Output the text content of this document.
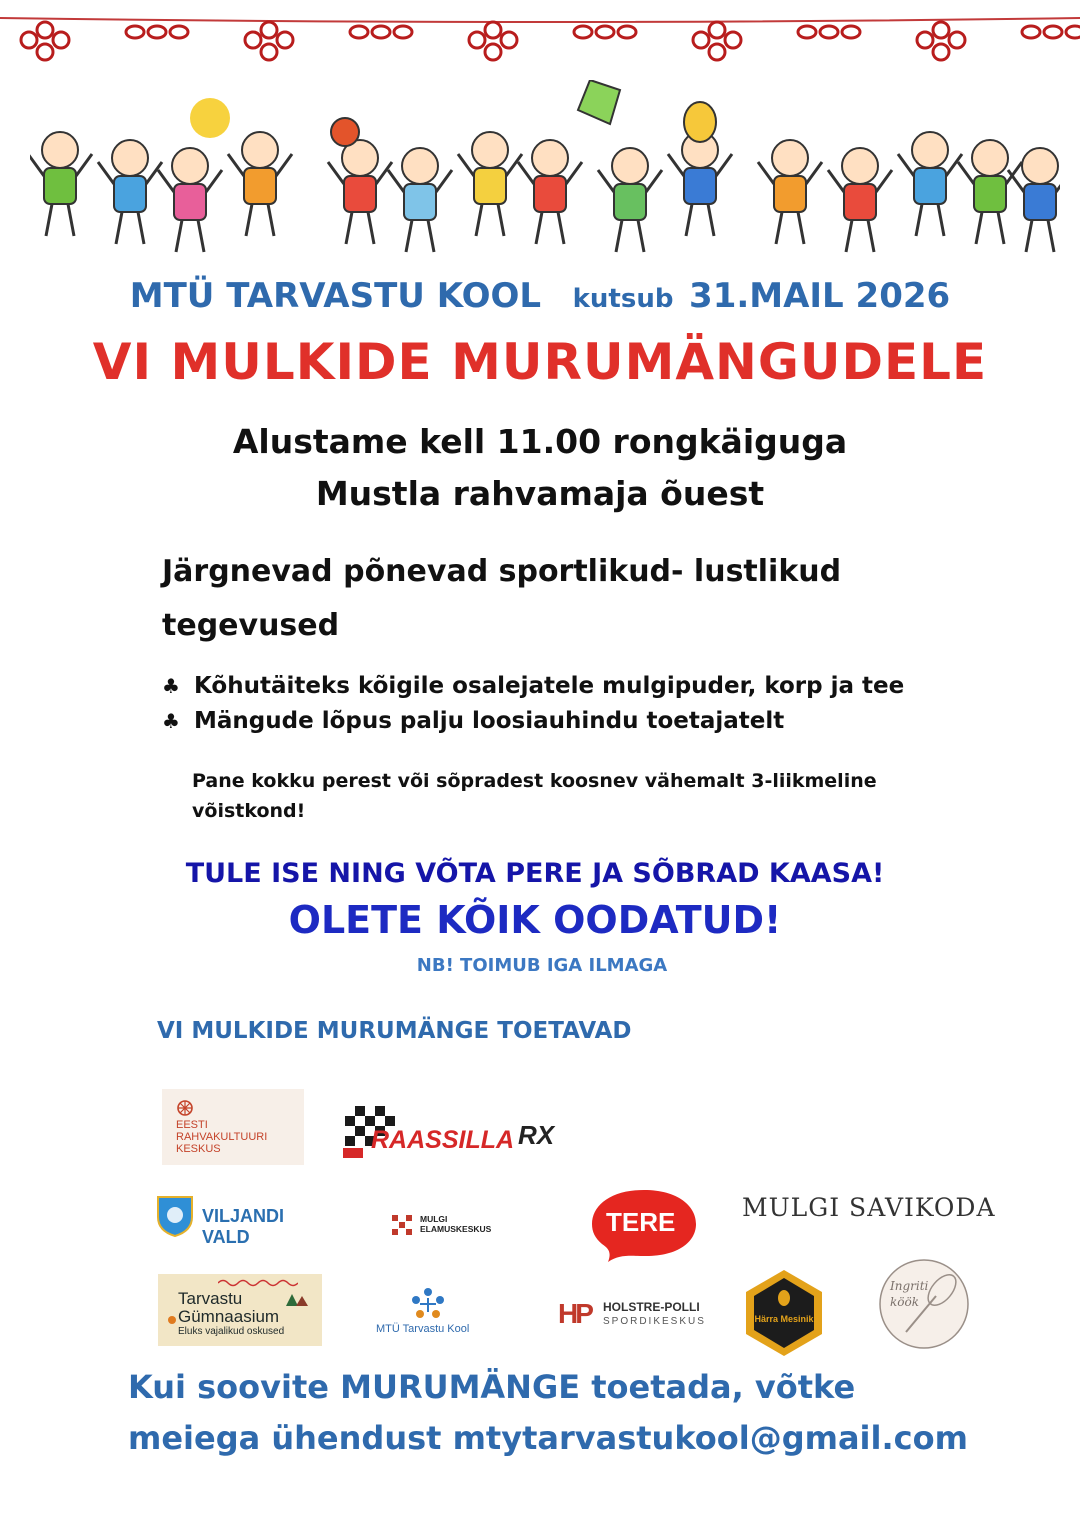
MTÜ TARVASTU KOOL kutsub 31.MAIL 2026
VI MULKIDE MURUMÄNGUDELE
Alustame kell 11.00 rongkäiguga
Mustla rahvamaja õuest
Järgnevad põnevad sportlikud- lustlikud tegevused
♣ Kõhutäiteks kõigile osalejatele mulgipuder, korp ja tee
♣ Mängude lõpus palju loosiauhindu toetajatelt
Pane kokku perest või sõpradest koosnev vähemalt 3-liikmeline võistkond!
TULE ISE NING VÕTA PERE JA SÕBRAD KAASA!
OLETE KÕIK OODATUD!
NB! TOIMUB IGA ILMAGA
VI MULKIDE MURUMÄNGE TOETAVAD
EESTI
RAHVAKULTUURI
KESKUS	RAASSILLA RX
VILJANDI VALD
MULGI
ELAMUSKESKUS	TERE	MULGI SAVIKODA
Tarvastu
Gümnaasium
Eluks vajalikud oskused	MTÜ Tarvastu Kool	HP HOLSTRE-POLLI
SPORDIKESKUS	Härra Mesinik
Ingriti
köök
Kui soovite MURUMÄNGE toetada, võtke
meiega ühendust mtytarvastukool@gmail.com
